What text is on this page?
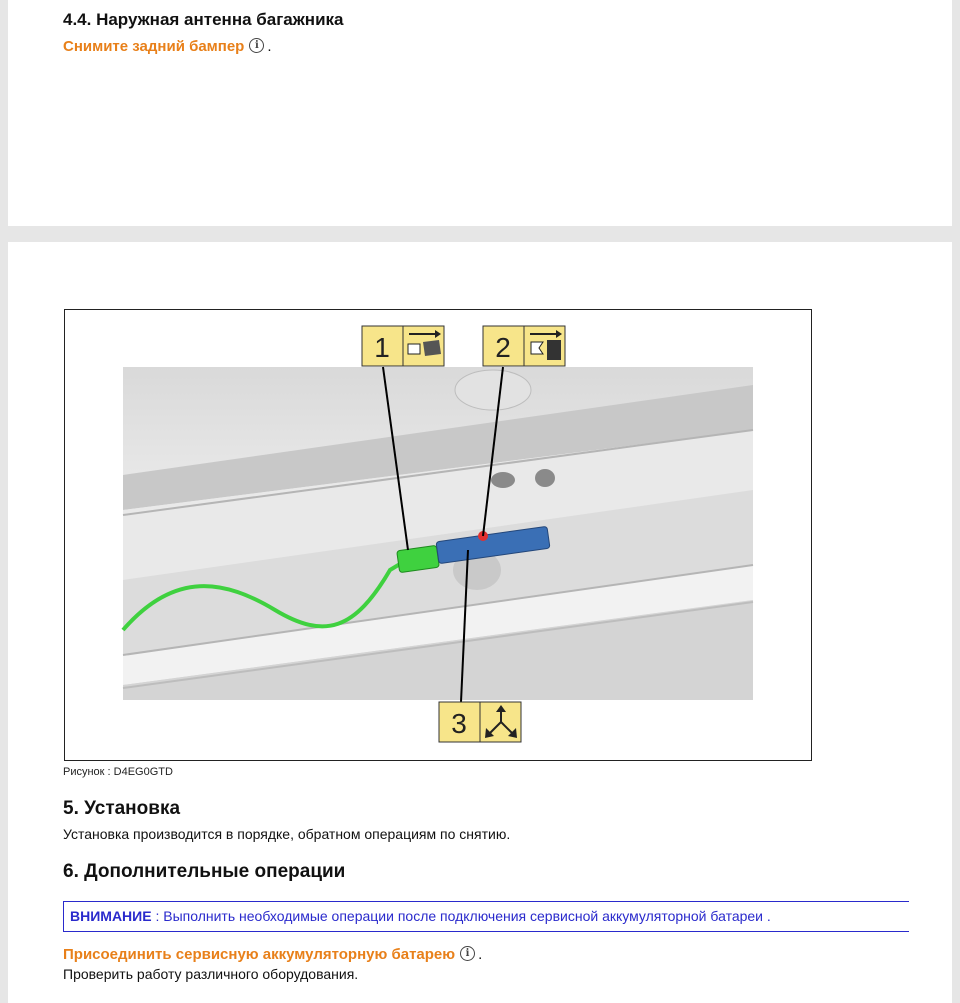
4.4. Наружная антенна багажника
Снимите задний бампер i .
1	2
3
Рисунок : D4EG0GTD
5. Установка
Установка производится в порядке, обратном операциям по снятию.
6. Дополнительные операции
ВНИМАНИЕ : Выполнить необходимые операции после подключения сервисной аккумуляторной батареи .
Присоединить сервисную аккумуляторную батарею i .
Проверить работу различного оборудования.
